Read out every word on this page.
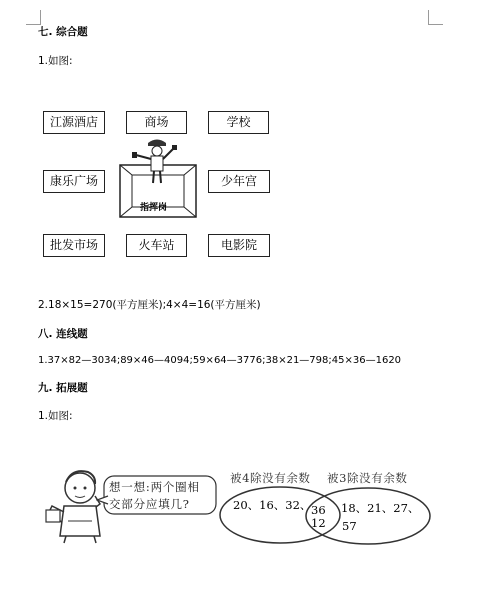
七. 综合题
1.如图:
江源酒店	商场	学校
康乐广场	少年宫
批发市场	火车站	电影院
指挥岗
2.18×15=270(平方厘米);4×4=16(平方厘米)
八. 连线题
1.37×82—3034;89×46—4094;59×64—3776;38×21—798;45×36—1620
九. 拓展题
1.如图:
想一想:两个圈相
交部分应填几?
被4除没有余数 被3除没有余数
20、16、32、 36
12
18、21、27、
57
